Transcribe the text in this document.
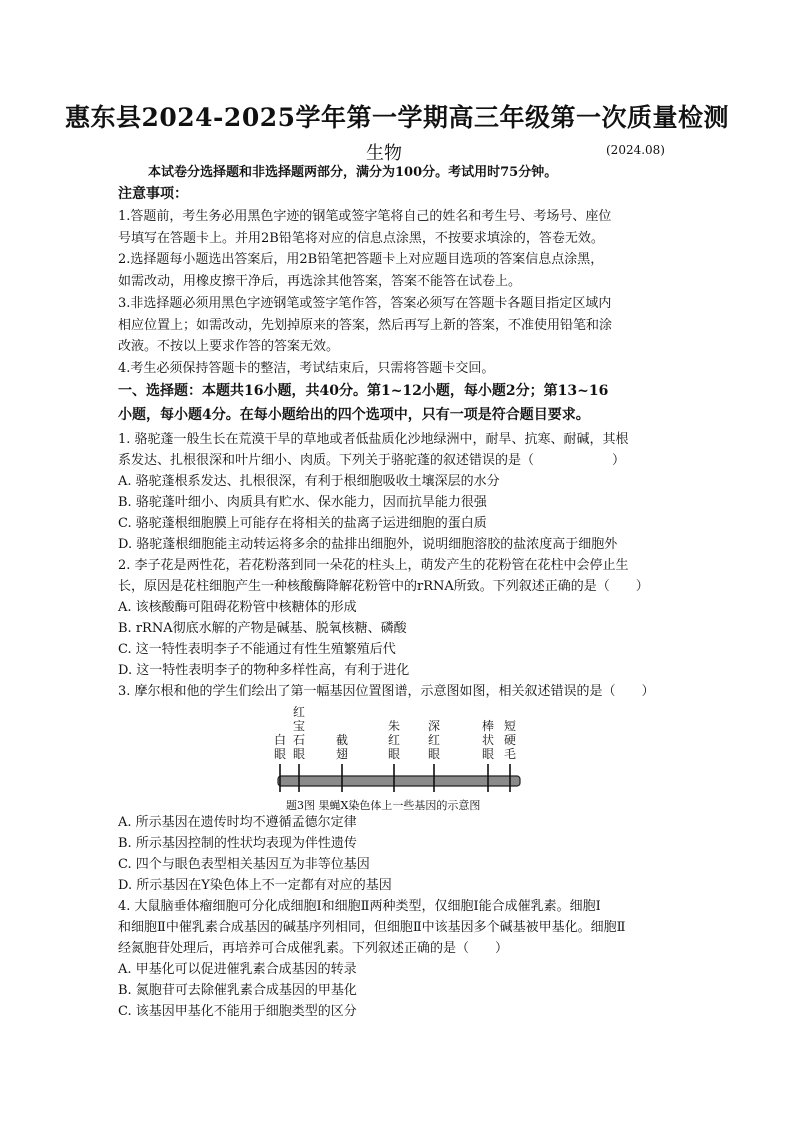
惠东县2024-2025学年第一学期高三年级第一次质量检测
生物	(2024.08)
本试卷分选择题和非选择题两部分，满分为100分。考试用时75分钟。
注意事项：
1.答题前，考生务必用黑色字迹的钢笔或签字笔将自己的姓名和考生号、考场号、座位
号填写在答题卡上。并用2B铅笔将对应的信息点涂黑，不按要求填涂的，答卷无效。
2.选择题每小题选出答案后，用2B铅笔把答题卡上对应题目选项的答案信息点涂黑，
如需改动，用橡皮擦干净后，再选涂其他答案，答案不能答在试卷上。
3.非选择题必须用黑色字迹钢笔或签字笔作答，答案必须写在答题卡各题目指定区域内
相应位置上；如需改动，先划掉原来的答案，然后再写上新的答案，不准使用铅笔和涂
改液。不按以上要求作答的答案无效。
4.考生必须保持答题卡的整洁，考试结束后，只需将答题卡交回。
一、选择题：本题共16小题，共40分。第1~12小题，每小题2分；第13~16
小题，每小题4分。在每小题给出的四个选项中，只有一项是符合题目要求。
1. 骆驼蓬一般生长在荒漠干旱的草地或者低盐质化沙地绿洲中，耐旱、抗寒、耐碱，其根
系发达、扎根很深和叶片细小、肉质。下列关于骆驼蓬的叙述错误的是（　　　　　　）
A. 骆驼蓬根系发达、扎根很深，有利于根细胞吸收土壤深层的水分
B. 骆驼蓬叶细小、肉质具有贮水、保水能力，因而抗旱能力很强
C. 骆驼蓬根细胞膜上可能存在将相关的盐离子运进细胞的蛋白质
D. 骆驼蓬根细胞能主动转运将多余的盐排出细胞外，说明细胞溶胶的盐浓度高于细胞外
2. 李子花是两性花，若花粉落到同一朵花的柱头上，萌发产生的花粉管在花柱中会停止生
长，原因是花柱细胞产生一种核酸酶降解花粉管中的rRNA所致。下列叙述正确的是（　　）
A. 该核酸酶可阻碍花粉管中核糖体的形成
B. rRNA彻底水解的产物是碱基、脱氧核糖、磷酸
C. 这一特性表明李子不能通过有性生殖繁殖后代
D. 这一特性表明李子的物种多样性高，有利于进化
3. 摩尔根和他的学生们绘出了第一幅基因位置图谱，示意图如图，相关叙述错误的是（　　）
白眼
红宝石眼
截翅
朱红眼
深红眼
棒状眼
短硬毛
题3图 果蝇X染色体上一些基因的示意图
A. 所示基因在遗传时均不遵循孟德尔定律
B. 所示基因控制的性状均表现为伴性遗传
C. 四个与眼色表型相关基因互为非等位基因
D. 所示基因在Y染色体上不一定都有对应的基因
4. 大鼠脑垂体瘤细胞可分化成细胞Ⅰ和细胞Ⅱ两种类型，仅细胞Ⅰ能合成催乳素。细胞Ⅰ
和细胞Ⅱ中催乳素合成基因的碱基序列相同，但细胞Ⅱ中该基因多个碱基被甲基化。细胞Ⅱ
经氮胞苷处理后，再培养可合成催乳素。下列叙述正确的是（　　）
A. 甲基化可以促进催乳素合成基因的转录
B. 氮胞苷可去除催乳素合成基因的甲基化
C. 该基因甲基化不能用于细胞类型的区分
